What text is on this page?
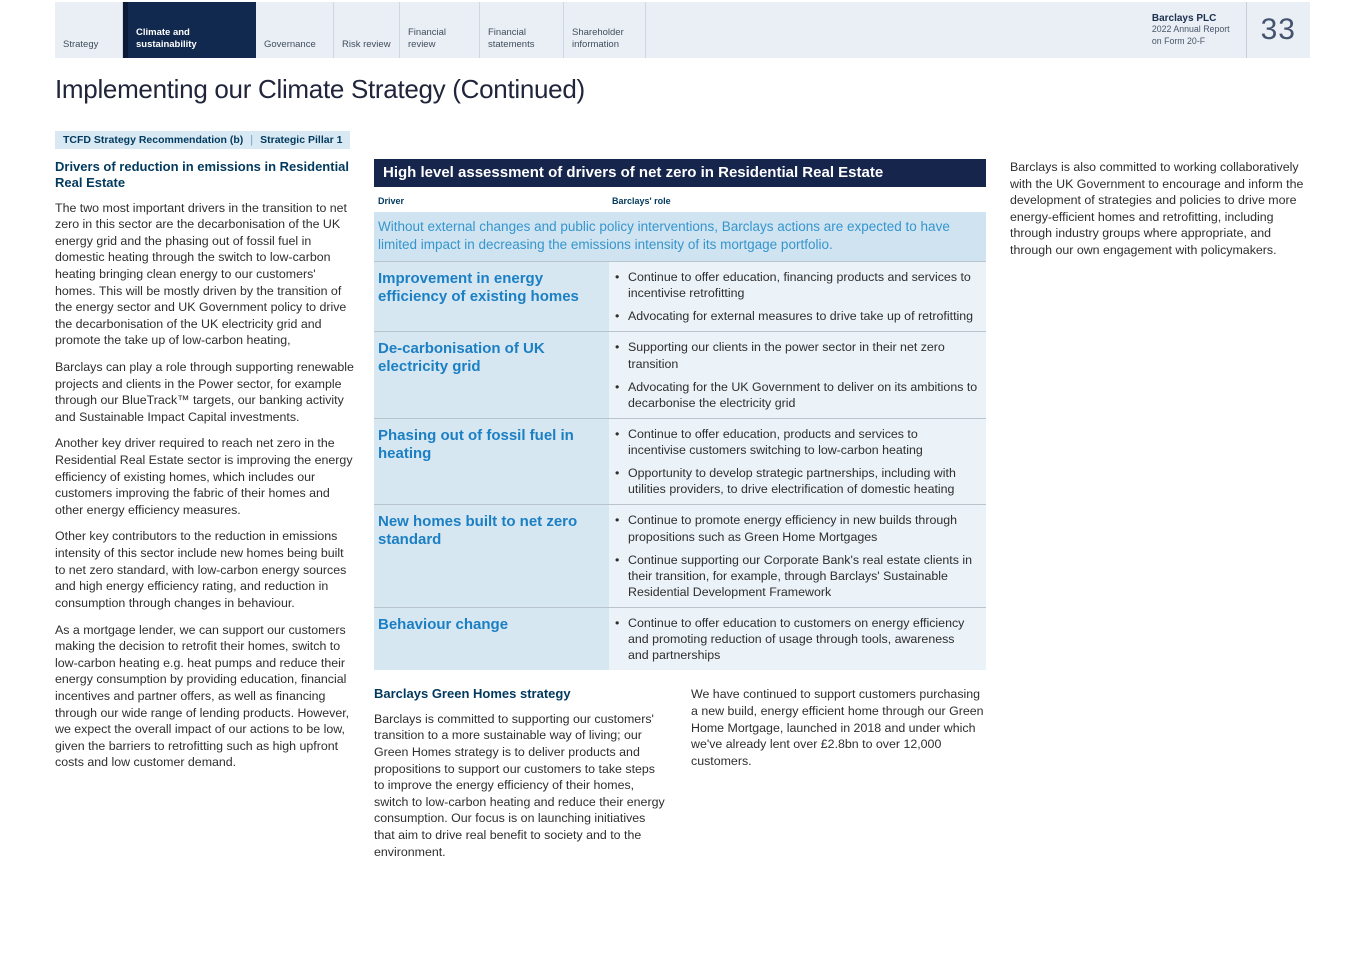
Strategy
Climate and sustainability	Governance	Risk review
Financial review
Financial statements
Shareholder information
Barclays PLC
2022 Annual Report
on Form 20-F	33
Implementing our Climate Strategy (Continued)
TCFD Strategy Recommendation (b) | Strategic Pillar 1
Drivers of reduction in emissions in Residential Real Estate

The two most important drivers in the transition to net zero in this sector are the decarbonisation of the UK energy grid and the phasing out of fossil fuel in domestic heating through the switch to low-carbon heating bringing clean energy to our customers' homes. This will be mostly driven by the transition of the energy sector and UK Government policy to drive the decarbonisation of the UK electricity grid and promote the take up of low-carbon heating,

Barclays can play a role through supporting renewable projects and clients in the Power sector, for example through our BlueTrack™ targets, our banking activity and Sustainable Impact Capital investments.

Another key driver required to reach net zero in the Residential Real Estate sector is improving the energy efficiency of existing homes, which includes our customers improving the fabric of their homes and other energy efficiency measures.

Other key contributors to the reduction in emissions intensity of this sector include new homes being built to net zero standard, with low-carbon energy sources and high energy efficiency rating, and reduction in consumption through changes in behaviour.

As a mortgage lender, we can support our customers making the decision to retrofit their homes, switch to low-carbon heating e.g. heat pumps and reduce their energy consumption by providing education, financial incentives and partner offers, as well as financing through our wide range of lending products. However, we expect the overall impact of our actions to be low, given the barriers to retrofitting such as high upfront costs and low customer demand.

High level assessment of drivers of net zero in Residential Real Estate
Driver	Barclays' role
Without external changes and public policy interventions, Barclays actions are expected to have limited impact in decreasing the emissions intensity of its mortgage portfolio.
Improvement in energy efficiency of existing homes
• Continue to offer education, financing products and services to incentivise retrofitting
• Advocating for external measures to drive take up of retrofitting
De-carbonisation of UK electricity grid
• Supporting our clients in the power sector in their net zero transition
• Advocating for the UK Government to deliver on its ambitions to decarbonise the electricity grid
Phasing out of fossil fuel in heating
• Continue to offer education, products and services to incentivise customers switching to low-carbon heating
• Opportunity to develop strategic partnerships, including with utilities providers, to drive electrification of domestic heating
New homes built to net zero standard
• Continue to promote energy efficiency in new builds through propositions such as Green Home Mortgages
• Continue supporting our Corporate Bank's real estate clients in their transition, for example, through Barclays' Sustainable Residential Development Framework
Behaviour change	• Continue to offer education to customers on energy efficiency and promoting reduction of usage through tools, awareness and partnerships
Barclays Green Homes strategy

Barclays is committed to supporting our customers' transition to a more sustainable way of living; our Green Homes strategy is to deliver products and propositions to support our customers to take steps to improve the energy efficiency of their homes, switch to low-carbon heating and reduce their energy consumption. Our focus is on launching initiatives that aim to drive real benefit to society and to the environment.

We have continued to support customers purchasing a new build, energy efficient home through our Green Home Mortgage, launched in 2018 and under which we've already lent over £2.8bn to over 12,000 customers.

Barclays is also committed to working collaboratively with the UK Government to encourage and inform the development of strategies and policies to drive more energy-efficient homes and retrofitting, including through industry groups where appropriate, and through our own engagement with policymakers.
